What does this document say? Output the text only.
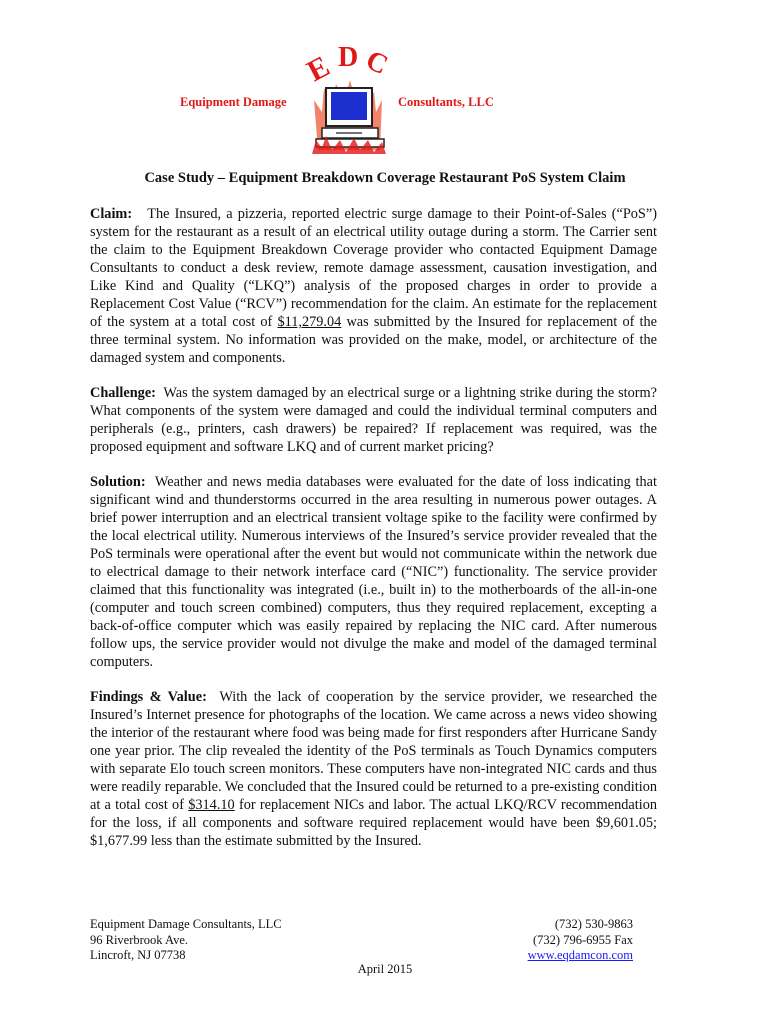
Equipment Damage	Consultants, LLC
E D C
Case Study – Equipment Breakdown Coverage Restaurant PoS System Claim

Claim: The Insured, a pizzeria, reported electric surge damage to their Point-of-Sales (“PoS”) system for the restaurant as a result of an electrical utility outage during a storm. The Carrier sent the claim to the Equipment Breakdown Coverage provider who contacted Equipment Damage Consultants to conduct a desk review, remote damage assessment, causation investigation, and Like Kind and Quality (“LKQ”) analysis of the proposed charges in order to provide a Replacement Cost Value (“RCV”) recommendation for the claim. An estimate for the replacement of the system at a total cost of $11,279.04 was submitted by the Insured for replacement of the three terminal system. No information was provided on the make, model, or architecture of the damaged system and components.

Challenge: Was the system damaged by an electrical surge or a lightning strike during the storm? What components of the system were damaged and could the individual terminal computers and peripherals (e.g., printers, cash drawers) be repaired? If replacement was required, was the proposed equipment and software LKQ and of current market pricing?

Solution: Weather and news media databases were evaluated for the date of loss indicating that significant wind and thunderstorms occurred in the area resulting in numerous power outages. A brief power interruption and an electrical transient voltage spike to the facility were confirmed by the local electrical utility. Numerous interviews of the Insured’s service provider revealed that the PoS terminals were operational after the event but would not communicate within the network due to electrical damage to their network interface card (“NIC”) functionality. The service provider claimed that this functionality was integrated (i.e., built in) to the motherboards of the all-in-one (computer and touch screen combined) computers, thus they required replacement, excepting a back-of-office computer which was easily repaired by replacing the NIC card. After numerous follow ups, the service provider would not divulge the make and model of the damaged terminal computers.

Findings & Value: With the lack of cooperation by the service provider, we researched the Insured’s Internet presence for photographs of the location. We came across a news video showing the interior of the restaurant where food was being made for first responders after Hurricane Sandy one year prior. The clip revealed the identity of the PoS terminals as Touch Dynamics computers with separate Elo touch screen monitors. These computers have non-integrated NIC cards and thus were readily reparable. We concluded that the Insured could be returned to a pre-existing condition at a total cost of $314.10 for replacement NICs and labor. The actual LKQ/RCV recommendation for the loss, if all components and software required replacement would have been $9,601.05; $1,677.99 less than the estimate submitted by the Insured.

Equipment Damage Consultants, LLC
96 Riverbrook Ave.
Lincroft, NJ 07738
(732) 530-9863
(732) 796-6955 Fax
www.eqdamcon.com
April 2015
